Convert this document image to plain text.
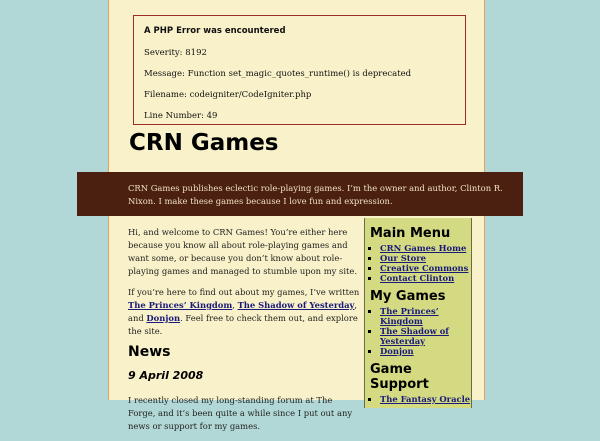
A PHP Error was encountered

Severity: 8192

Message: Function set_magic_quotes_runtime() is deprecated

Filename: codeigniter/CodeIgniter.php

Line Number: 49

CRN Games
CRN Games publishes eclectic role-playing games. I’m the owner and author, Clinton R. Nixon. I make these games because I love fun and expression.

Hi, and welcome to CRN Games! You’re either here because you know all about role-playing games and want some, or because you don’t know about role-playing games and managed to stumble upon my site.

If you’re here to find out about my games, I’ve written The Princes’ Kingdom, The Shadow of Yesterday, and Donjon. Feel free to check them out, and explore the site.

News
9 April 2008

I recently closed my long-standing forum at The Forge, and it’s been quite a while since I put out any news or support for my games.

Main Menu
▪ CRN Games Home
▪ Our Store
▪ Creative Commons
▪ Contact Clinton
My Games
▪ The Princes’ Kingdom
▪ The Shadow of Yesterday
▪ Donjon
Game Support
▪ The Fantasy Oracle
